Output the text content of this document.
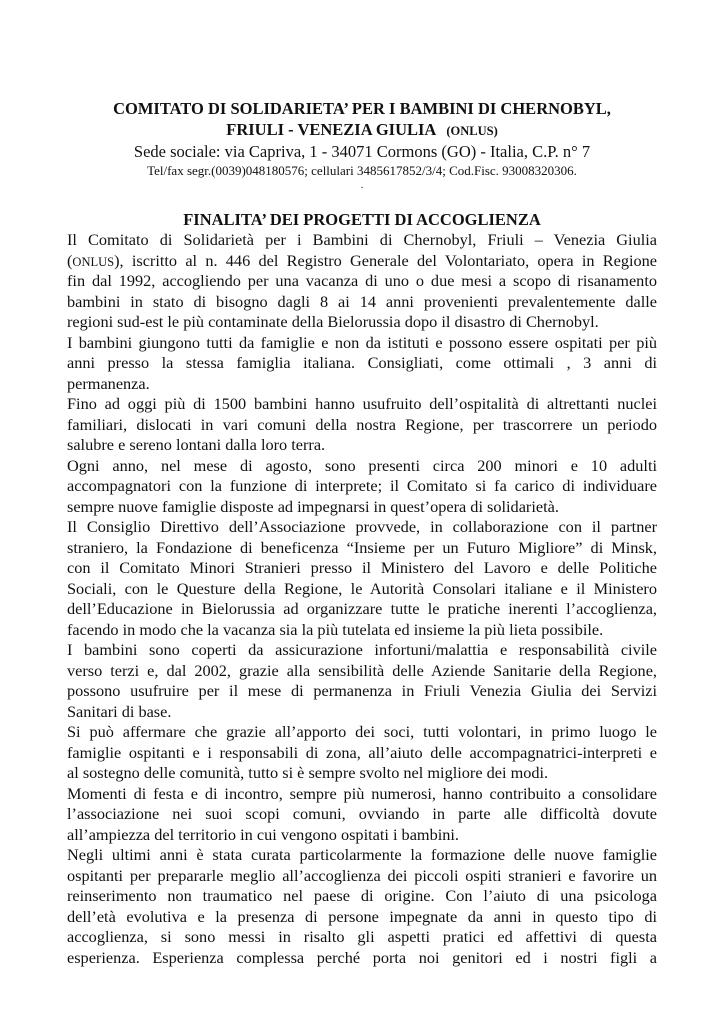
COMITATO DI SOLIDARIETA’ PER I BAMBINI DI CHERNOBYL,
FRIULI - VENEZIA GIULIA (ONLUS)
Sede sociale: via Capriva, 1 - 34071 Cormons (GO) - Italia, C.P. n° 7
Tel/fax segr.(0039)048180576; cellulari 3485617852/3/4; Cod.Fisc. 93008320306.
.
FINALITA’ DEI PROGETTI DI ACCOGLIENZA
Il Comitato di Solidarietà per i Bambini di Chernobyl, Friuli – Venezia Giulia
(ONLUS), iscritto al n. 446 del Registro Generale del Volontariato, opera in Regione
fin dal 1992, accogliendo per una vacanza di uno o due mesi a scopo di risanamento
bambini in stato di bisogno dagli 8 ai 14 anni provenienti prevalentemente dalle
regioni sud-est le più contaminate della Bielorussia dopo il disastro di Chernobyl.
I bambini giungono tutti da famiglie e non da istituti e possono essere ospitati per più
anni presso la stessa famiglia italiana. Consigliati, come ottimali , 3 anni di
permanenza.
Fino ad oggi più di 1500 bambini hanno usufruito dell’ospitalità di altrettanti nuclei
familiari, dislocati in vari comuni della nostra Regione, per trascorrere un periodo
salubre e sereno lontani dalla loro terra.
Ogni anno, nel mese di agosto, sono presenti circa 200 minori e 10 adulti
accompagnatori con la funzione di interprete; il Comitato si fa carico di individuare
sempre nuove famiglie disposte ad impegnarsi in quest’opera di solidarietà.
Il Consiglio Direttivo dell’Associazione provvede, in collaborazione con il partner
straniero, la Fondazione di beneficenza “Insieme per un Futuro Migliore” di Minsk,
con il Comitato Minori Stranieri presso il Ministero del Lavoro e delle Politiche
Sociali, con le Questure della Regione, le Autorità Consolari italiane e il Ministero
dell’Educazione in Bielorussia ad organizzare tutte le pratiche inerenti l’accoglienza,
facendo in modo che la vacanza sia la più tutelata ed insieme la più lieta possibile.
I bambini sono coperti da assicurazione infortuni/malattia e responsabilità civile
verso terzi e, dal 2002, grazie alla sensibilità delle Aziende Sanitarie della Regione,
possono usufruire per il mese di permanenza in Friuli Venezia Giulia dei Servizi
Sanitari di base.
Si può affermare che grazie all’apporto dei soci, tutti volontari, in primo luogo le
famiglie ospitanti e i responsabili di zona, all’aiuto delle accompagnatrici-interpreti e
al sostegno delle comunità, tutto si è sempre svolto nel migliore dei modi.
Momenti di festa e di incontro, sempre più numerosi, hanno contribuito a consolidare
l’associazione nei suoi scopi comuni, ovviando in parte alle difficoltà dovute
all’ampiezza del territorio in cui vengono ospitati i bambini.
Negli ultimi anni è stata curata particolarmente la formazione delle nuove famiglie
ospitanti per prepararle meglio all’accoglienza dei piccoli ospiti stranieri e favorire un
reinserimento non traumatico nel paese di origine. Con l’aiuto di una psicologa
dell’età evolutiva e la presenza di persone impegnate da anni in questo tipo di
accoglienza, si sono messi in risalto gli aspetti pratici ed affettivi di questa
esperienza. Esperienza complessa perché porta noi genitori ed i nostri figli a
